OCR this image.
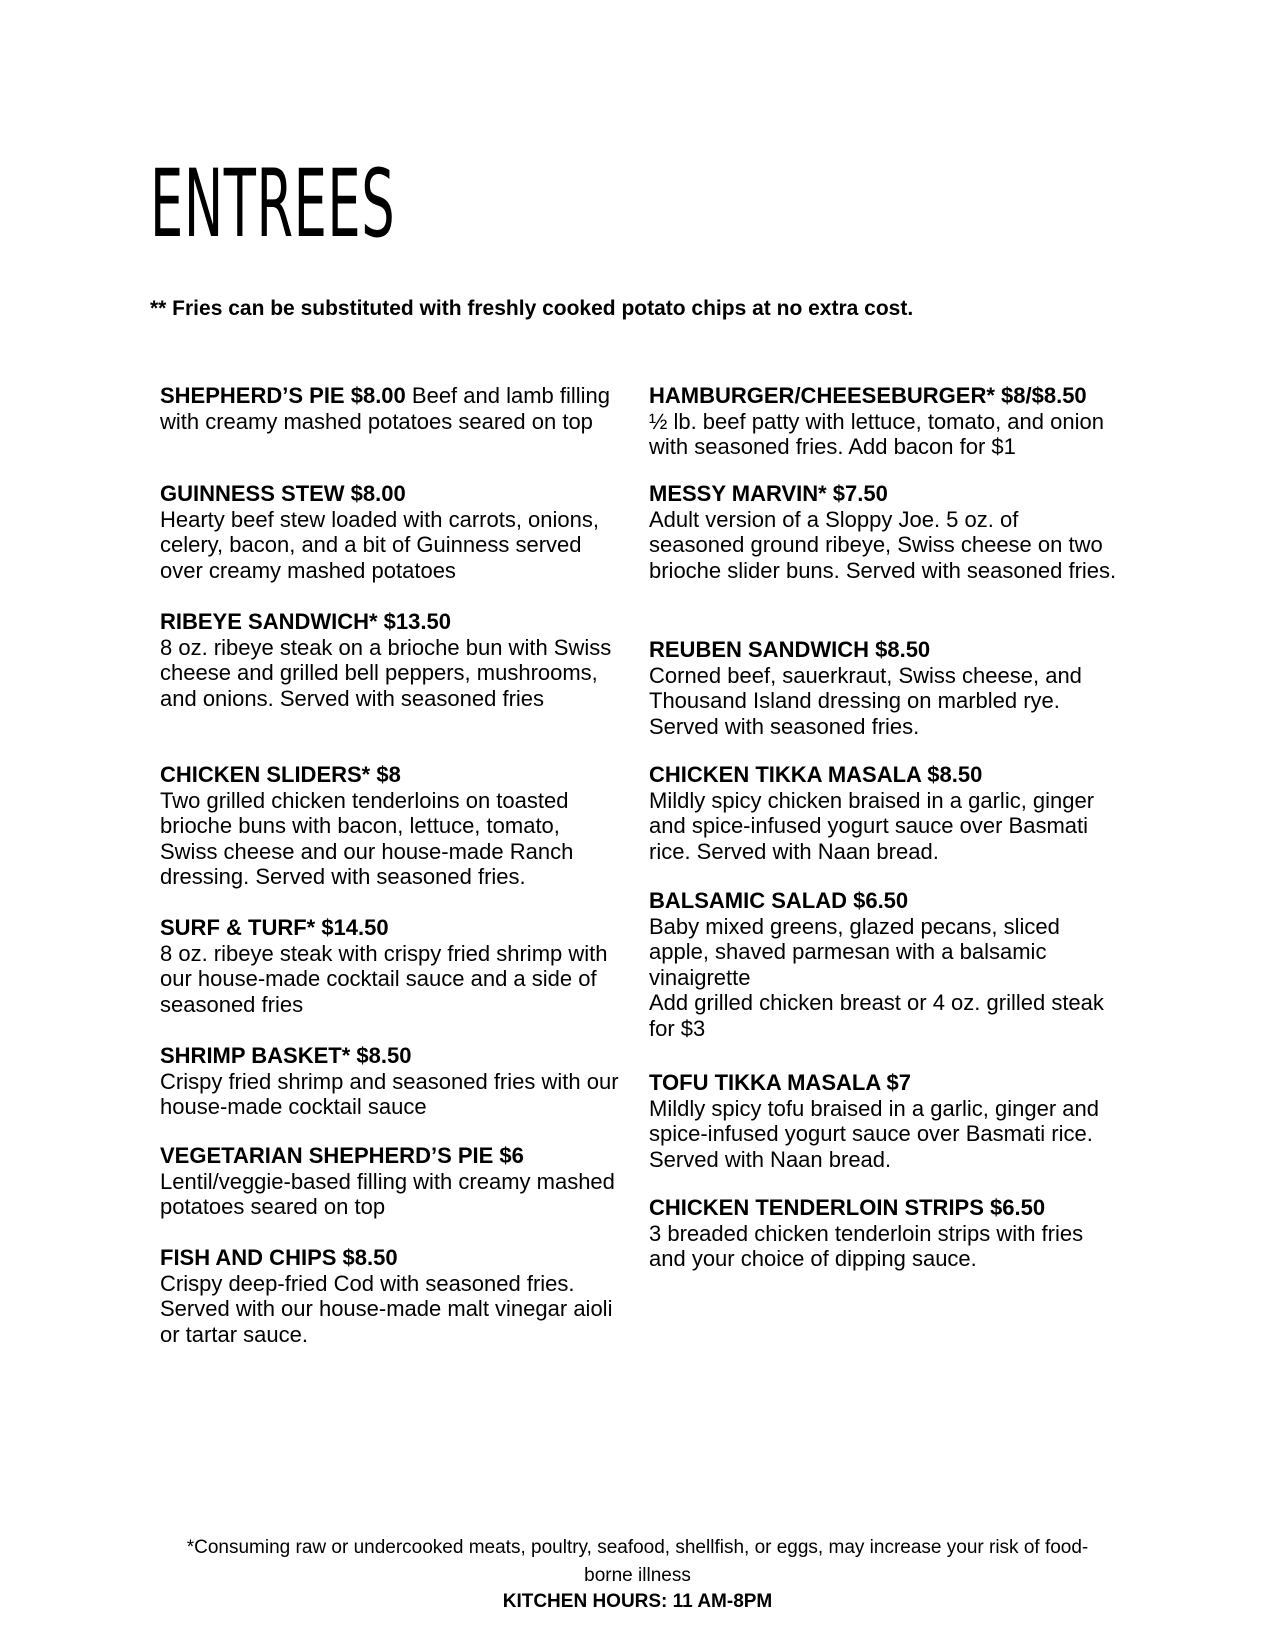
ENTREES
** Fries can be substituted with freshly cooked potato chips at no extra cost.
SHEPHERD’S PIE $8.00 Beef and lamb filling with creamy mashed potatoes seared on top
GUINNESS STEW $8.00
Hearty beef stew loaded with carrots, onions, celery, bacon, and a bit of Guinness served over creamy mashed potatoes
RIBEYE SANDWICH* $13.50
8 oz. ribeye steak on a brioche bun with Swiss cheese and grilled bell peppers, mushrooms, and onions. Served with seasoned fries
CHICKEN SLIDERS* $8
Two grilled chicken tenderloins on toasted brioche buns with bacon, lettuce, tomato, Swiss cheese and our house-made Ranch dressing. Served with seasoned fries.
SURF & TURF* $14.50
8 oz. ribeye steak with crispy fried shrimp with our house-made cocktail sauce and a side of seasoned fries
SHRIMP BASKET* $8.50
Crispy fried shrimp and seasoned fries with our house-made cocktail sauce
VEGETARIAN SHEPHERD’S PIE $6
Lentil/veggie-based filling with creamy mashed potatoes seared on top
FISH AND CHIPS $8.50
Crispy deep-fried Cod with seasoned fries. Served with our house-made malt vinegar aioli or tartar sauce.
HAMBURGER/CHEESEBURGER* $8/$8.50
½ lb. beef patty with lettuce, tomato, and onion with seasoned fries. Add bacon for $1
MESSY MARVIN* $7.50
Adult version of a Sloppy Joe. 5 oz. of seasoned ground ribeye, Swiss cheese on two brioche slider buns. Served with seasoned fries.
REUBEN SANDWICH $8.50
Corned beef, sauerkraut, Swiss cheese, and Thousand Island dressing on marbled rye. Served with seasoned fries.
CHICKEN TIKKA MASALA $8.50
Mildly spicy chicken braised in a garlic, ginger and spice-infused yogurt sauce over Basmati rice. Served with Naan bread.
BALSAMIC SALAD $6.50
Baby mixed greens, glazed pecans, sliced apple, shaved parmesan with a balsamic vinaigrette
Add grilled chicken breast or 4 oz. grilled steak for $3
TOFU TIKKA MASALA $7
Mildly spicy tofu braised in a garlic, ginger and spice-infused yogurt sauce over Basmati rice. Served with Naan bread.
CHICKEN TENDERLOIN STRIPS $6.50
3 breaded chicken tenderloin strips with fries and your choice of dipping sauce.
*Consuming raw or undercooked meats, poultry, seafood, shellfish, or eggs, may increase your risk of food-borne illness
KITCHEN HOURS: 11 AM-8PM
